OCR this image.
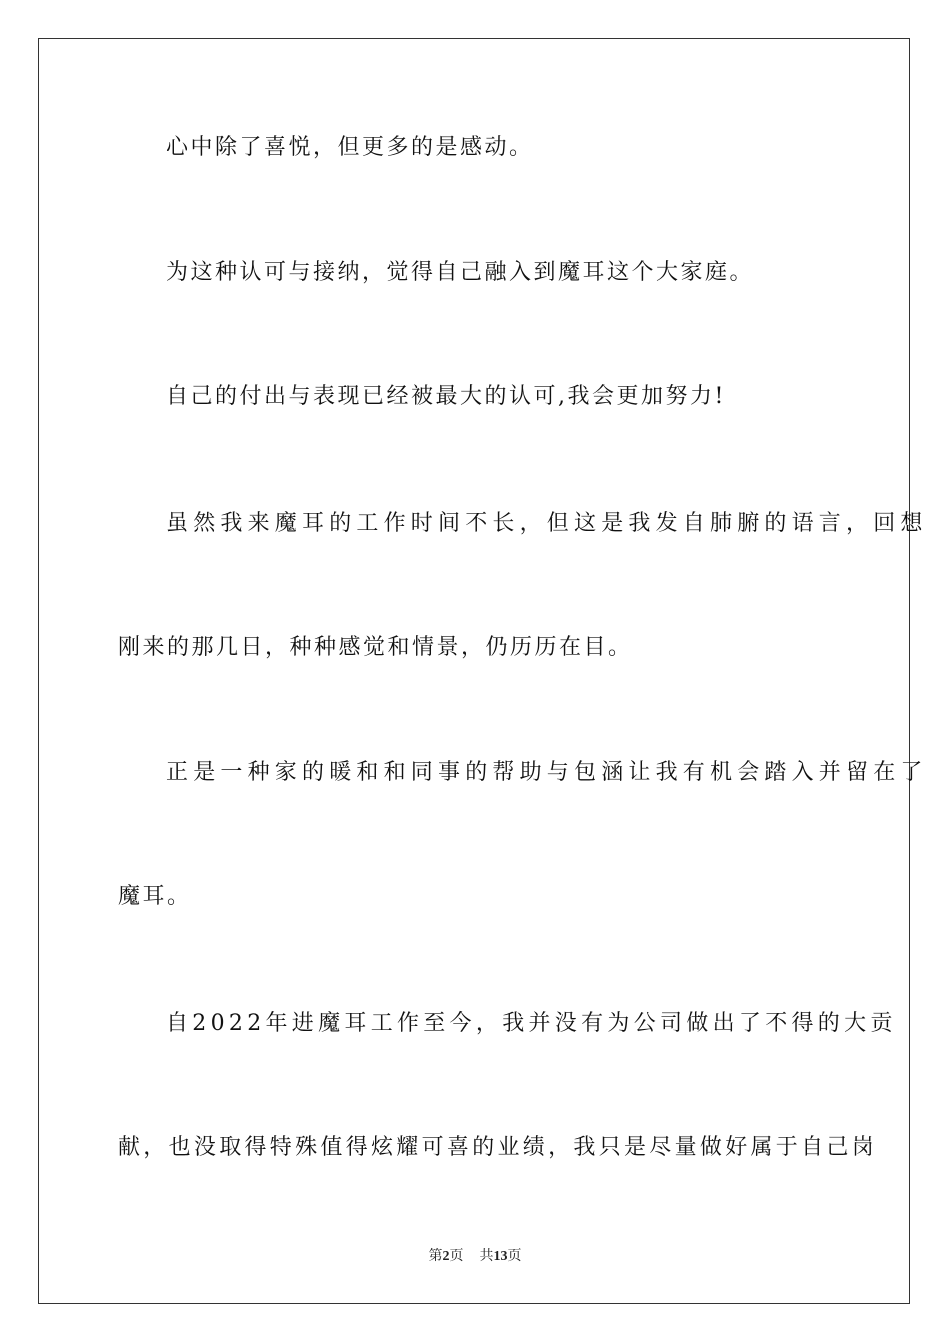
心中除了喜悦，但更多的是感动。
为这种认可与接纳，觉得自己融入到魔耳这个大家庭。
自己的付出与表现已经被最大的认可,我会更加努力!
虽然我来魔耳的工作时间不长，但这是我发自肺腑的语言，回想
刚来的那几日，种种感觉和情景，仍历历在目。
正是一种家的暖和和同事的帮助与包涵让我有机会踏入并留在了
魔耳。
自2022年进魔耳工作至今，我并没有为公司做出了不得的大贡
献，也没取得特殊值得炫耀可喜的业绩，我只是尽量做好属于自己岗
第2页 共13页
